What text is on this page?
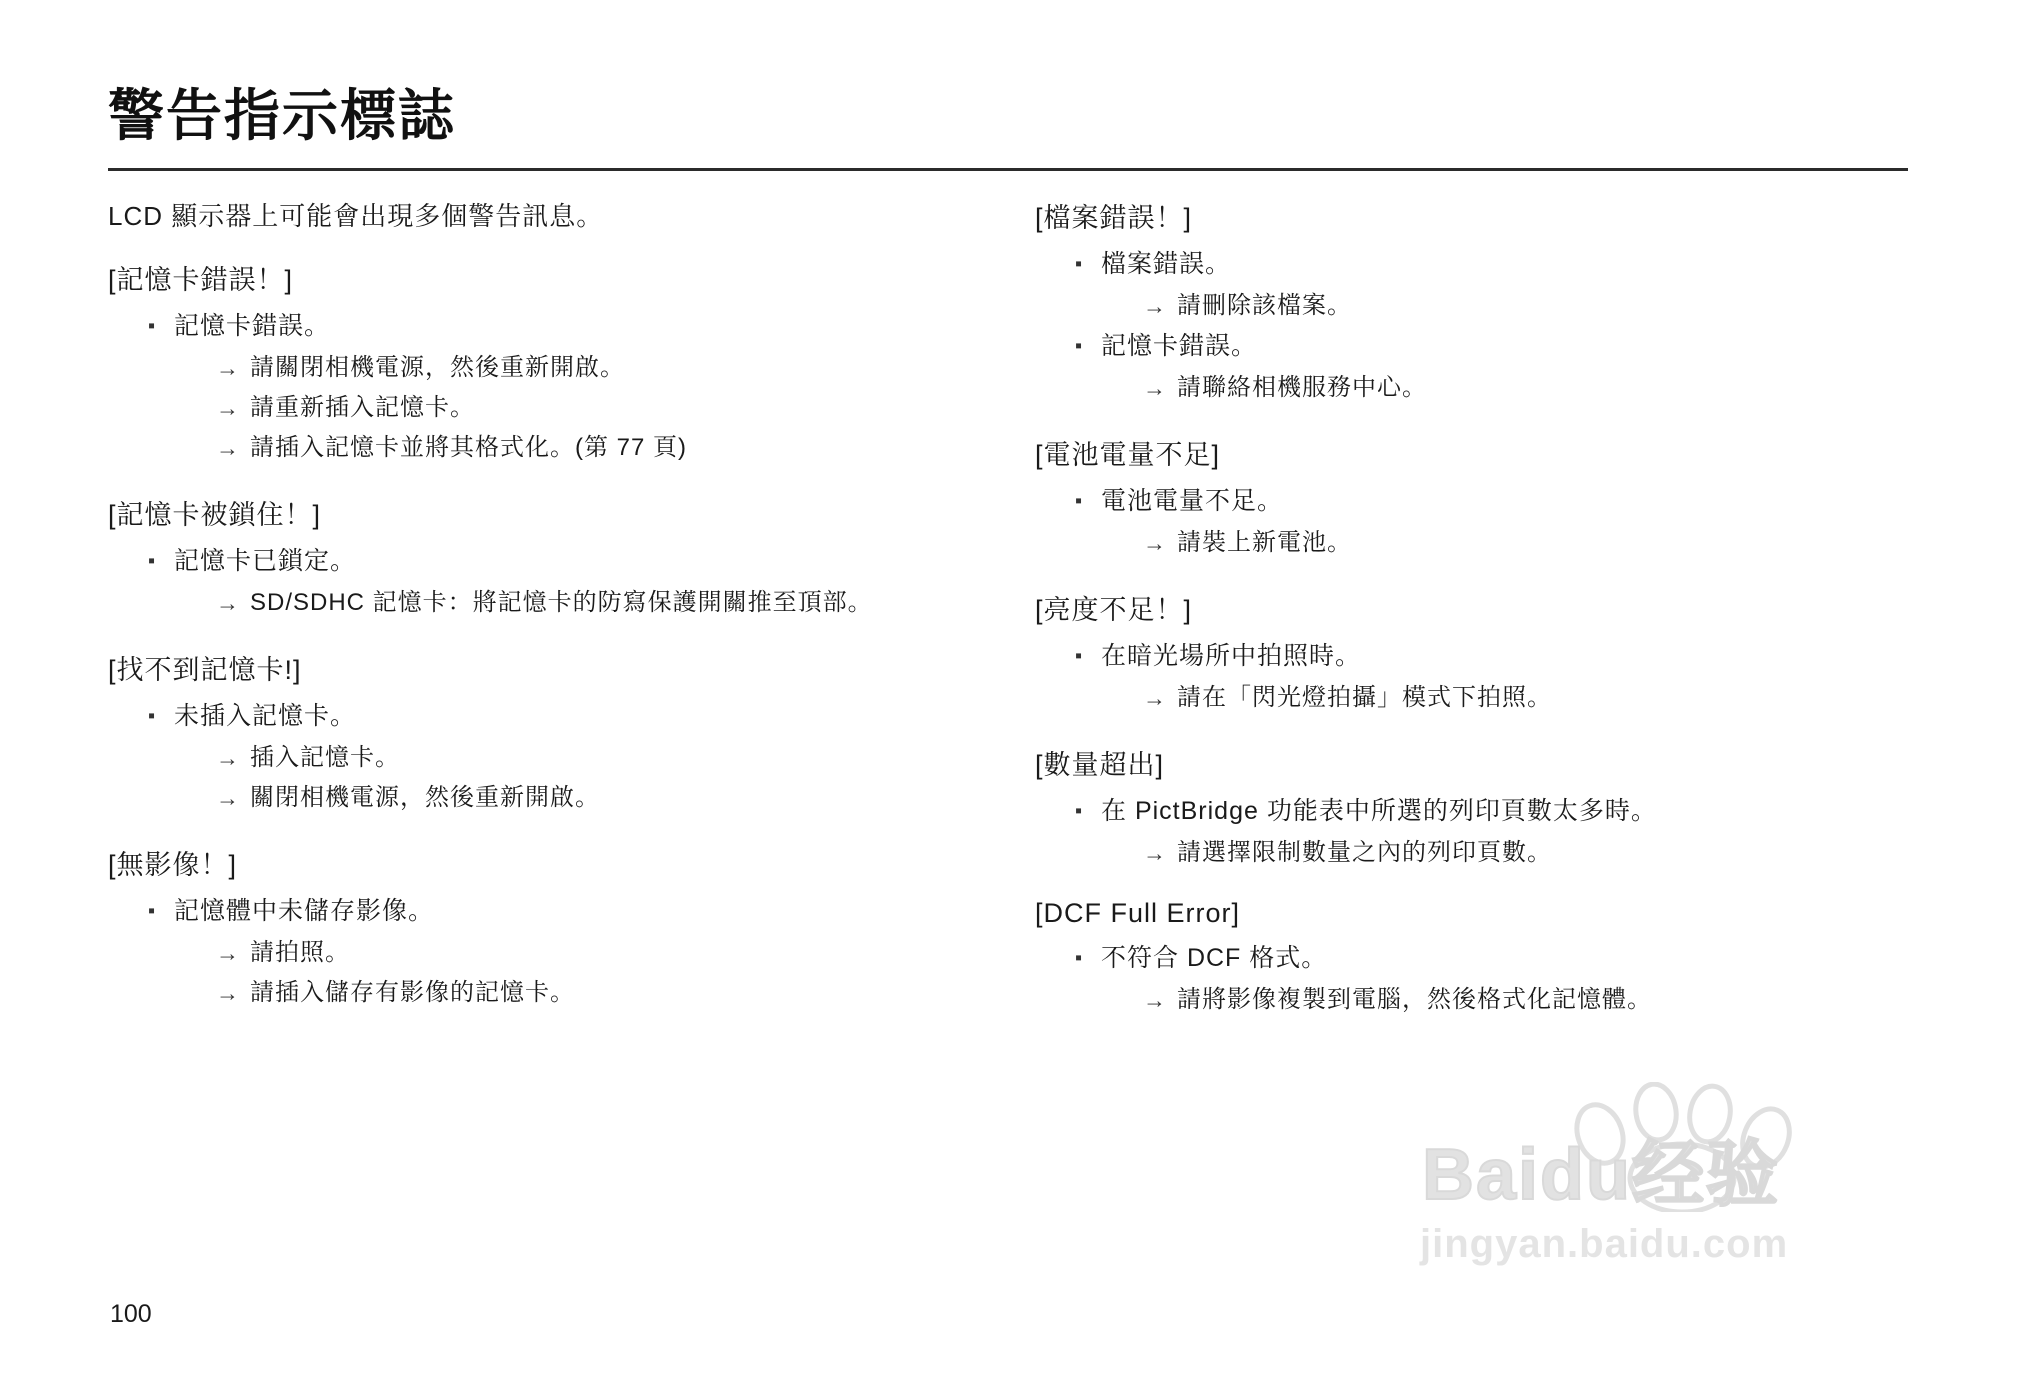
警告指示標誌
LCD 顯示器上可能會出現多個警告訊息。
[記憶卡錯誤！]
▪ 記憶卡錯誤。
→ 請關閉相機電源，然後重新開啟。
→ 請重新插入記憶卡。
→ 請插入記憶卡並將其格式化。(第 77 頁)
[記憶卡被鎖住！]
▪ 記憶卡已鎖定。
→ SD/SDHC 記憶卡：將記憶卡的防寫保護開關推至頂部。
[找不到記憶卡!]
▪ 未插入記憶卡。
→ 插入記憶卡。
→ 關閉相機電源，然後重新開啟。
[無影像！]
▪ 記憶體中未儲存影像。
→ 請拍照。
→ 請插入儲存有影像的記憶卡。
[檔案錯誤！]
▪ 檔案錯誤。
→ 請刪除該檔案。
▪ 記憶卡錯誤。
→ 請聯絡相機服務中心。
[電池電量不足]
▪ 電池電量不足。
→ 請裝上新電池。
[亮度不足！]
▪ 在暗光場所中拍照時。
→ 請在「閃光燈拍攝」模式下拍照。
[數量超出]
▪ 在 PictBridge 功能表中所選的列印頁數太多時。
→ 請選擇限制數量之內的列印頁數。
[DCF Full Error]
▪ 不符合 DCF 格式。
→ 請將影像複製到電腦，然後格式化記憶體。
100
Baidu经验
jingyan.baidu.com
